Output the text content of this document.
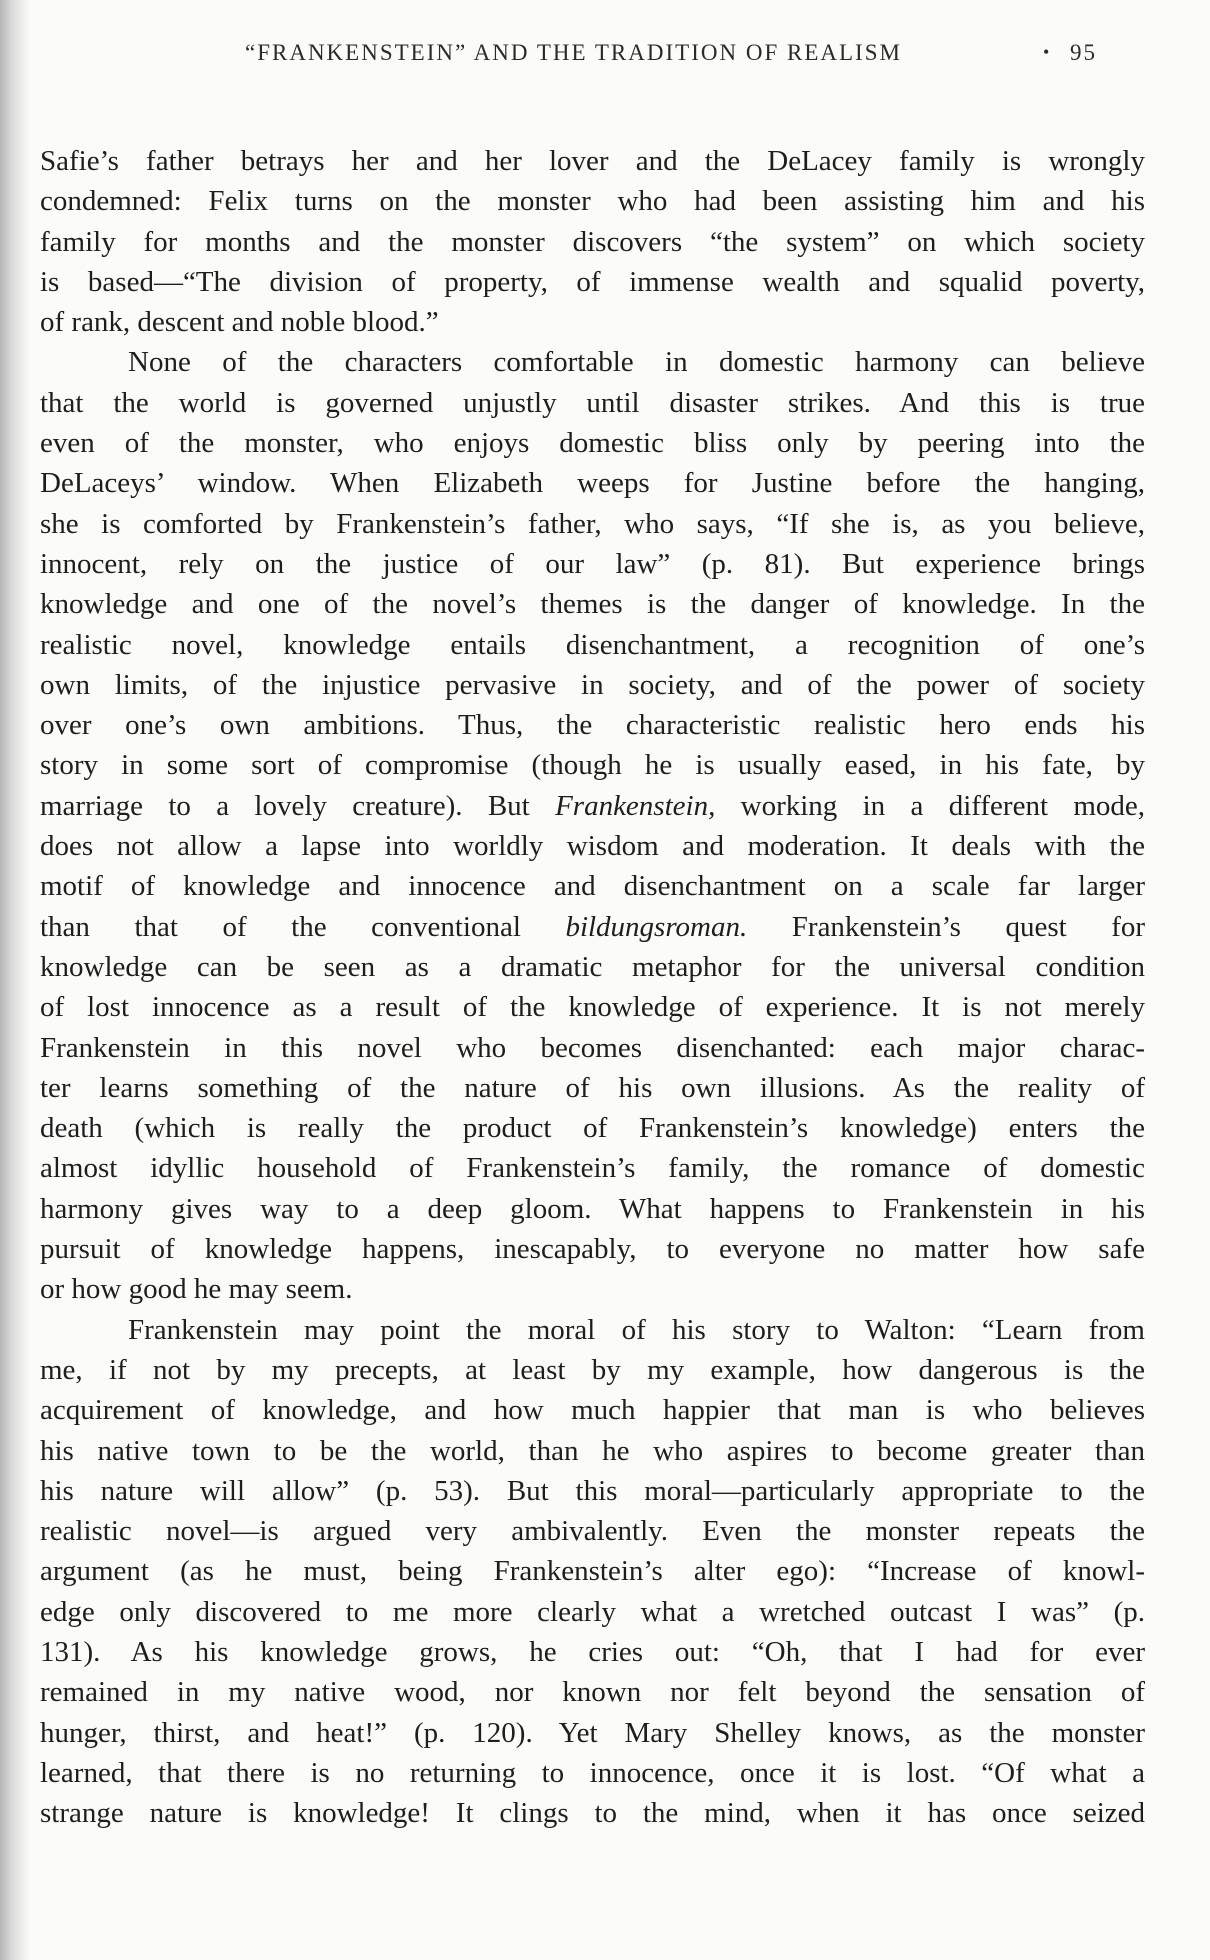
“FRANKENSTEIN” AND THE TRADITION OF REALISM	• 95
Safie’s father betrays her and her lover and the DeLacey family is wrongly
condemned: Felix turns on the monster who had been assisting him and his
family for months and the monster discovers “the system” on which society
is based—“The division of property, of immense wealth and squalid poverty,
of rank, descent and noble blood.”
None of the characters comfortable in domestic harmony can believe
that the world is governed unjustly until disaster strikes. And this is true
even of the monster, who enjoys domestic bliss only by peering into the
DeLaceys’ window. When Elizabeth weeps for Justine before the hanging,
she is comforted by Frankenstein’s father, who says, “If she is, as you believe,
innocent, rely on the justice of our law” (p. 81). But experience brings
knowledge and one of the novel’s themes is the danger of knowledge. In the
realistic novel, knowledge entails disenchantment, a recognition of one’s
own limits, of the injustice pervasive in society, and of the power of society
over one’s own ambitions. Thus, the characteristic realistic hero ends his
story in some sort of compromise (though he is usually eased, in his fate, by
marriage to a lovely creature). But Frankenstein, working in a different mode,
does not allow a lapse into worldly wisdom and moderation. It deals with the
motif of knowledge and innocence and disenchantment on a scale far larger
than that of the conventional bildungsroman. Frankenstein’s quest for
knowledge can be seen as a dramatic metaphor for the universal condition
of lost innocence as a result of the knowledge of experience. It is not merely
Frankenstein in this novel who becomes disenchanted: each major charac-
ter learns something of the nature of his own illusions. As the reality of
death (which is really the product of Frankenstein’s knowledge) enters the
almost idyllic household of Frankenstein’s family, the romance of domestic
harmony gives way to a deep gloom. What happens to Frankenstein in his
pursuit of knowledge happens, inescapably, to everyone no matter how safe
or how good he may seem.
Frankenstein may point the moral of his story to Walton: “Learn from
me, if not by my precepts, at least by my example, how dangerous is the
acquirement of knowledge, and how much happier that man is who believes
his native town to be the world, than he who aspires to become greater than
his nature will allow” (p. 53). But this moral—particularly appropriate to the
realistic novel—is argued very ambivalently. Even the monster repeats the
argument (as he must, being Frankenstein’s alter ego): “Increase of knowl-
edge only discovered to me more clearly what a wretched outcast I was” (p.
131). As his knowledge grows, he cries out: “Oh, that I had for ever
remained in my native wood, nor known nor felt beyond the sensation of
hunger, thirst, and heat!” (p. 120). Yet Mary Shelley knows, as the monster
learned, that there is no returning to innocence, once it is lost. “Of what a
strange nature is knowledge! It clings to the mind, when it has once seized
